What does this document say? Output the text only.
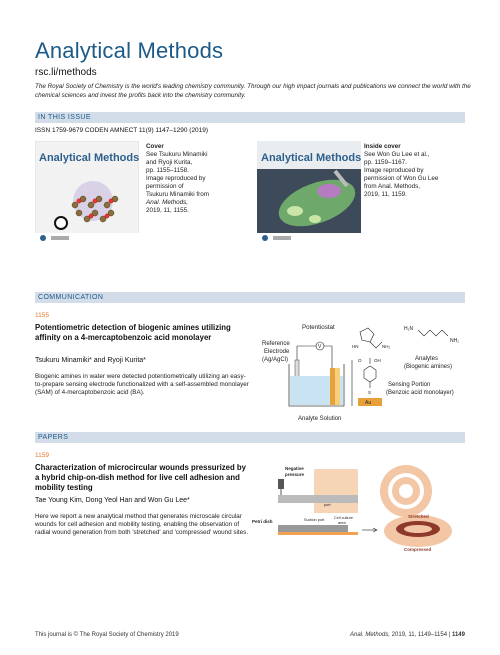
Analytical Methods
rsc.li/methods
The Royal Society of Chemistry is the world's leading chemistry community. Through our high impact journals and publications we connect the world with the chemical sciences and invest the profits back into the chemistry community.
IN THIS ISSUE
ISSN 1759-9679 CODEN AMNECT 11(9) 1147–1290 (2019)
Analytical Methods
Cover
See Tsukuru Minamiki
and Ryoji Kurita,
pp. 1155–1158.
Image reproduced by
permission of
Tsukuru Minamiki from
Anal. Methods,
2019, 11, 1155.
Analytical Methods
Inside cover
See Won Gu Lee et al.,
pp. 1159–1167.
Image reproduced by
permission of Won Gu Lee
from Anal. Methods,
2019, 11, 1159.
COMMUNICATION
1155
Potentiometric detection of biogenic amines utilizing affinity on a 4-mercaptobenzoic acid monolayer
Tsukuru Minamiki* and Ryoji Kurita*
Biogenic amines in water were detected potentiometrically utilizing an easy-to-prepare sensing electrode functionalized with a self-assembled monolayer (SAM) of 4-mercaptobenzoic acid (BA).
Potentiostat
V
Reference
Electrode
(Ag/AgCl)
Analyte Solution
H₂N
NH₂
HN	NH₂
Analytes
(Biogenic amines)
O	OH
S
Au
Sensing Portion
(Benzoic acid monolayer)
PAPERS
1159
Characterization of microcircular wounds pressurized by a hybrid chip-on-dish method for live cell adhesion and mobility testing
Tae Young Kim, Dong Yeol Han and Won Gu Lee*
Here we report a new analytical method that generates microscale circular wounds for cell adhesion and mobility testing, enabling the observation of radial wound generation from both 'stretched' and 'compressed' wound sites.
Negative
pressure
port
Petri dish	Suction port	Cell culture
area
Stretched
Compressed
This journal is © The Royal Society of Chemistry 2019	Anal. Methods, 2019, 11, 1149–1154 | 1149
